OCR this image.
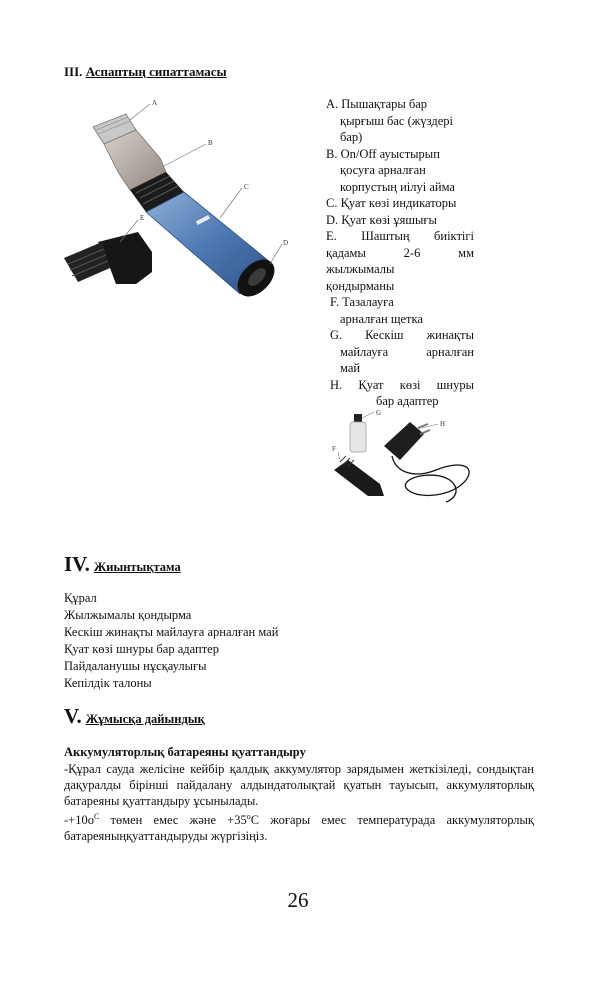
III. Аспаптың сипаттамасы
A
B
C
D
E
A. Пышақтары бар
қырғыш бас (жүздері
бар)
B. On/Off ауыстырып
қосуға арналған
корпустың иілуі айма
C. Қуат көзі индикаторы
D. Қуат көзі ұяшығы
E. Шаштың биіктігі
қадамы 2-6 мм
жылжымалы
қондырманы
F. Тазалауға
арналған щетка
G. Кескіш жинақты
майлауға арналған
май
H. Қуат көзі шнуры
бар адаптер
G
H
F
IV. Жиынтықтама
Құрал
Жылжымалы қондырма
Кескіш жинақты майлауға арналған май
Қуат көзі шнуры бар адаптер
Пайдаланушы нұсқаулығы
Кепілдік талоны
V. Жұмысқа дайындық
Аккумуляторлық батареяны қуаттандыру
-Құрал сауда желісіне кейбір қалдық аккумулятор зарядымен жеткізіледі, сондықтан дақуралды бірінші пайдалану алдындатолықтай қуатын тауысып, аккумуляторлық батареяны қуаттандыру ұсынылады.
$-+10о^С$ төмен емес және $+35^оС$ жоғары емес температурада аккумуляторлық батареяныңқуаттандыруды жүргізіңіз.
26
